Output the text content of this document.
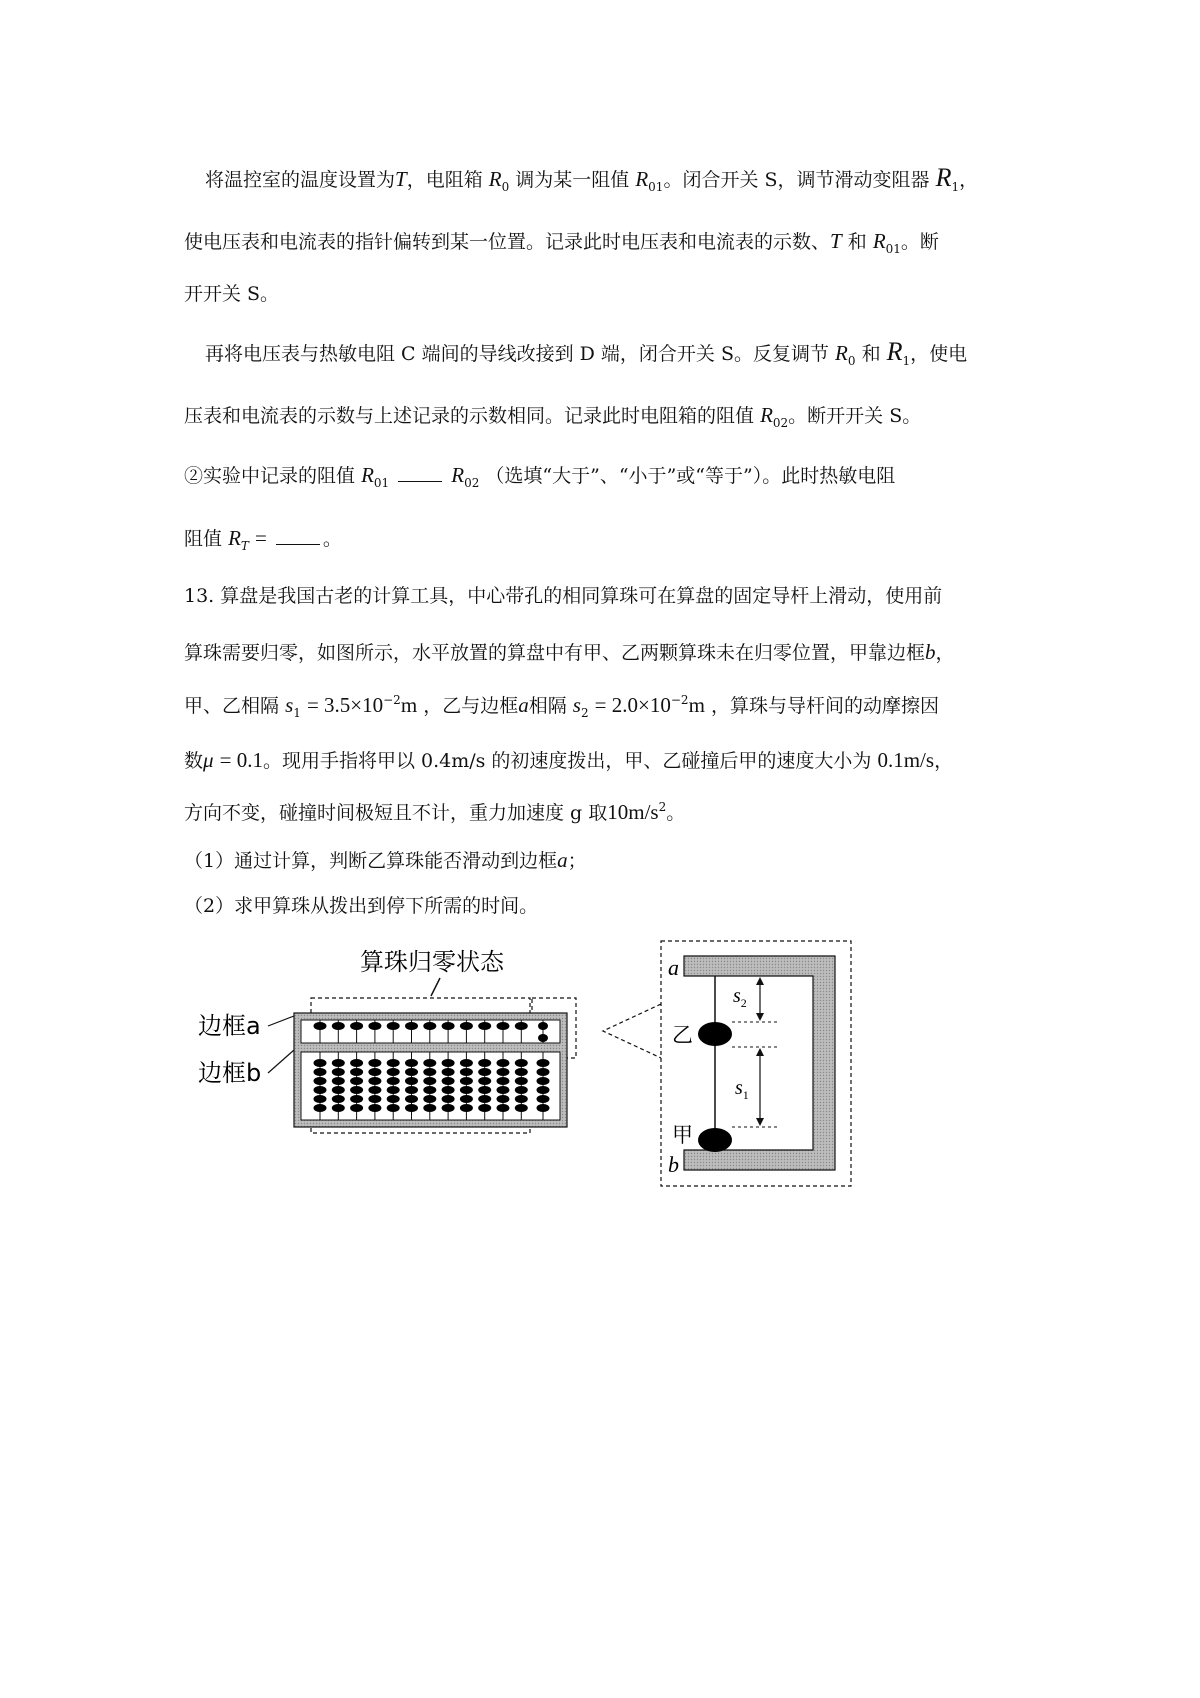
将温控室的温度设置为T，电阻箱 $R_0$ 调为某一阻值 $R_{01}$。闭合开关 S，调节滑动变阻器 $R_1$，
使电压表和电流表的指针偏转到某一位置。记录此时电压表和电流表的示数、T 和 $R_{01}$。断
开开关 S。
再将电压表与热敏电阻 C 端间的导线改接到 D 端，闭合开关 S。反复调节 $R_0$ 和 $R_1$，使电
压表和电流表的示数与上述记录的示数相同。记录此时电阻箱的阻值 $R_{02}$。断开开关 S。
②实验中记录的阻值 $R_{01}$	$R_{02}$ （选填“大于”、“小于”或“等于”）。此时热敏电阻
阻值 $R_T$ =	。
13. 算盘是我国古老的计算工具，中心带孔的相同算珠可在算盘的固定导杆上滑动，使用前
算珠需要归零，如图所示，水平放置的算盘中有甲、乙两颗算珠未在归零位置，甲靠边框b，
甲、乙相隔 $s_1 = 3.5\times 10^{-2}m$ ，乙与边框a相隔 $s_2 = 2.0\times 10^{-2}m$ ，算珠与导杆间的动摩擦因
数μ = 0.1。现用手指将甲以 0.4m/s 的初速度拨出，甲、乙碰撞后甲的速度大小为 0.1m/s，
方向不变，碰撞时间极短且不计，重力加速度 g 取$10m/s^2$。
（1）通过计算，判断乙算珠能否滑动到边框a；
（2）求甲算珠从拨出到停下所需的时间。
算珠归零状态
边框a
边框b
a
b
乙
甲
$s_2$
$s_1$
